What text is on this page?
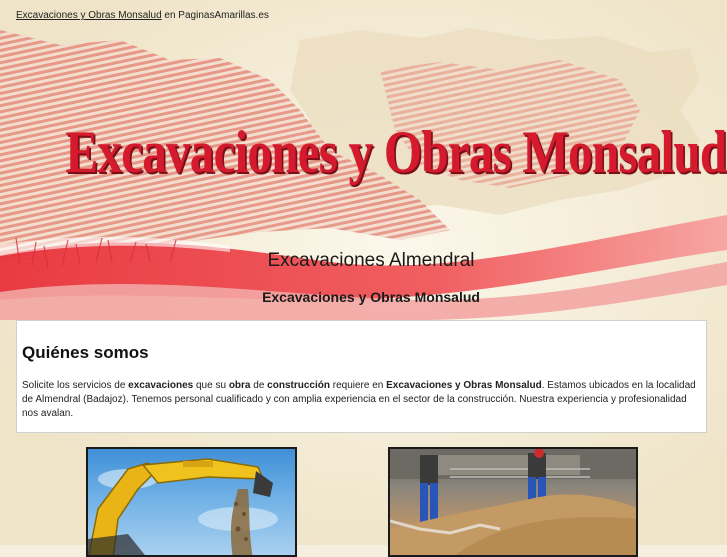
Excavaciones y Obras Monsalud en PaginasAmarillas.es
Excavaciones y Obras Monsalud
Excavaciones Almendral
Excavaciones y Obras Monsalud
Quiénes somos

Solicite los servicios de excavaciones que su obra de construcción requiere en Excavaciones y Obras Monsalud. Estamos ubicados en la localidad de Almendral (Badajoz). Tenemos personal cualificado y con amplia experiencia en el sector de la construcción. Nuestra experiencia y profesionalidad nos avalan.
